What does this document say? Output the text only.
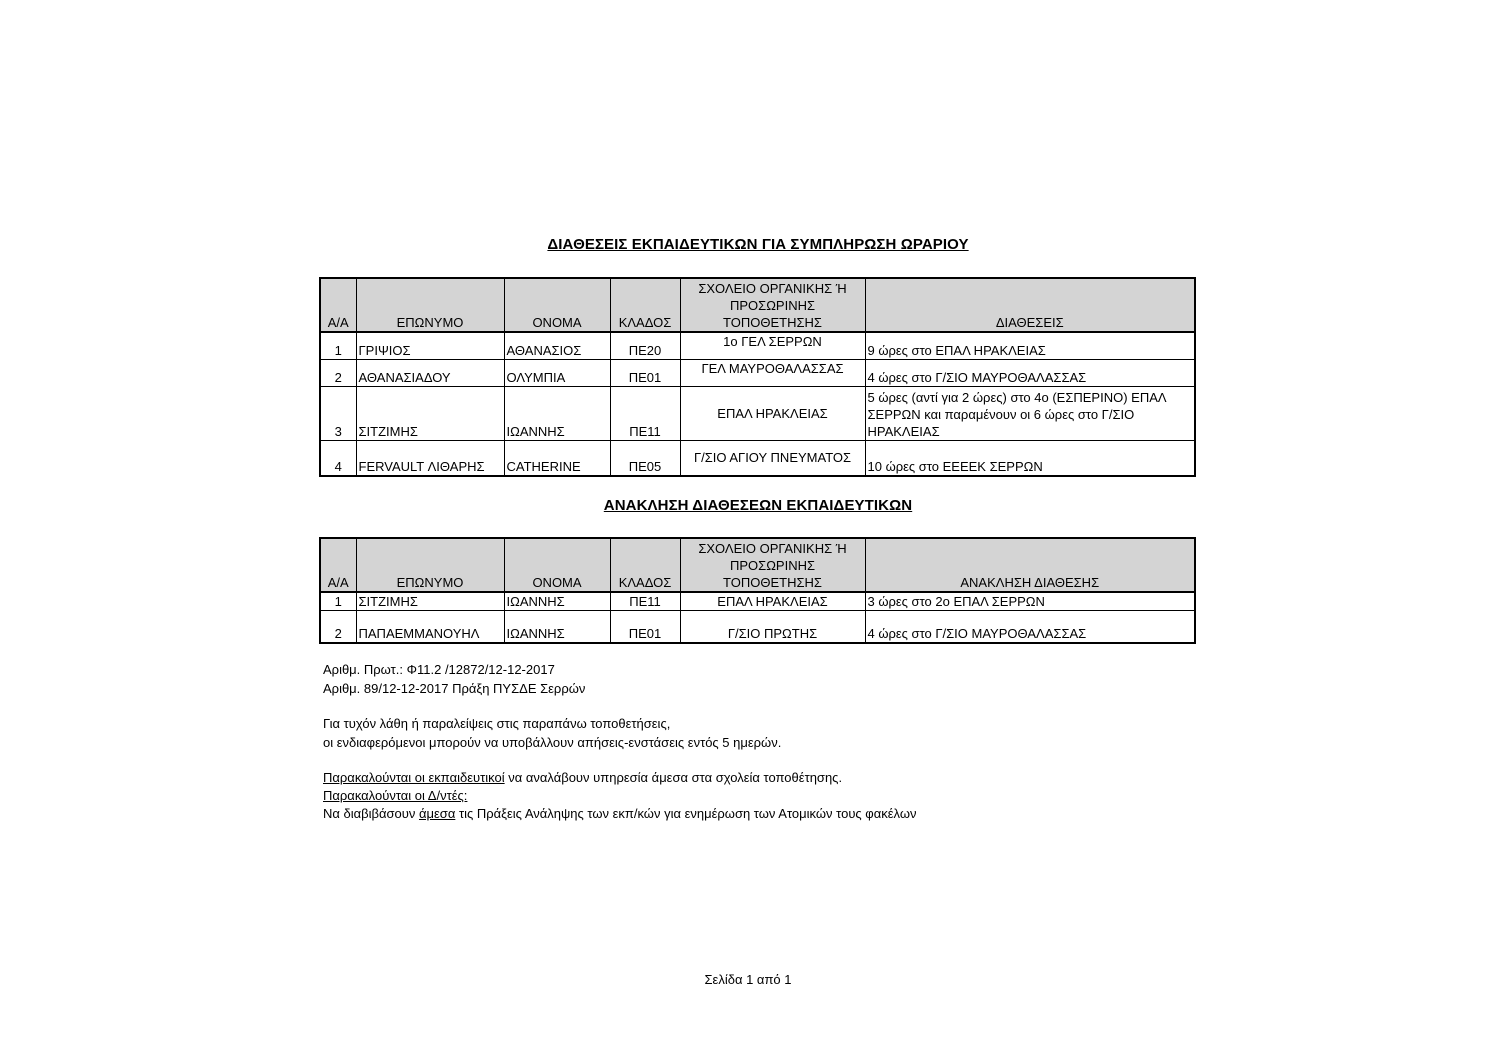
ΔΙΑΘΕΣΕΙΣ ΕΚΠΑΙΔΕΥΤΙΚΩΝ ΓΙΑ ΣΥΜΠΛΗΡΩΣΗ ΩΡΑΡΙΟΥ
Α/Α	ΕΠΩΝΥΜΟ	ΟΝΟΜΑ	ΚΛΑΔΟΣ	ΣΧΟΛΕΙΟ ΟΡΓΑΝΙΚΗΣ Ή ΠΡΟΣΩΡΙΝΗΣ ΤΟΠΟΘΕΤΗΣΗΣ	ΔΙΑΘΕΣΕΙΣ
1	ΓΡΙΨΙΟΣ	ΑΘΑΝΑΣΙΟΣ	ΠΕ20	1ο ΓΕΛ ΣΕΡΡΩΝ	9 ώρες στο ΕΠΑΛ ΗΡΑΚΛΕΙΑΣ
2	ΑΘΑΝΑΣΙΑΔΟΥ	ΟΛΥΜΠΙΑ	ΠΕ01	ΓΕΛ ΜΑΥΡΟΘΑΛΑΣΣΑΣ	4 ώρες στο Γ/ΣΙΟ ΜΑΥΡΟΘΑΛΑΣΣΑΣ
3	ΣΙΤΖΙΜΗΣ	ΙΩΑΝΝΗΣ	ΠΕ11	ΕΠΑΛ ΗΡΑΚΛΕΙΑΣ	5 ώρες (αντί για 2 ώρες) στο 4ο (ΕΣΠΕΡΙΝΟ) ΕΠΑΛ ΣΕΡΡΩΝ και παραμένουν οι 6 ώρες στο Γ/ΣΙΟ ΗΡΑΚΛΕΙΑΣ
4	FERVAULT ΛΙΘΑΡΗΣ	CATHERINE	ΠΕ05	Γ/ΣΙΟ ΑΓΙΟΥ ΠΝΕΥΜΑΤΟΣ	10 ώρες στο ΕΕΕΕΚ ΣΕΡΡΩΝ
ΑΝΑΚΛΗΣΗ ΔΙΑΘΕΣΕΩΝ ΕΚΠΑΙΔΕΥΤΙΚΩΝ
Α/Α	ΕΠΩΝΥΜΟ	ΟΝΟΜΑ	ΚΛΑΔΟΣ	ΣΧΟΛΕΙΟ ΟΡΓΑΝΙΚΗΣ Ή ΠΡΟΣΩΡΙΝΗΣ ΤΟΠΟΘΕΤΗΣΗΣ	ΑΝΑΚΛΗΣΗ ΔΙΑΘΕΣΗΣ
1	ΣΙΤΖΙΜΗΣ	ΙΩΑΝΝΗΣ	ΠΕ11	ΕΠΑΛ ΗΡΑΚΛΕΙΑΣ	3 ώρες στο 2ο ΕΠΑΛ ΣΕΡΡΩΝ
2	ΠΑΠΑΕΜΜΑΝΟΥΗΛ	ΙΩΑΝΝΗΣ	ΠΕ01	Γ/ΣΙΟ ΠΡΩΤΗΣ	4 ώρες στο Γ/ΣΙΟ ΜΑΥΡΟΘΑΛΑΣΣΑΣ
Αριθμ. Πρωτ.: Φ11.2 /12872/12-12-2017
Αριθμ. 89/12-12-2017 Πράξη ΠΥΣΔΕ Σερρών
Για τυχόν λάθη ή παραλείψεις στις παραπάνω τοποθετήσεις,
οι ενδιαφερόμενοι μπορούν να υποβάλλουν απήσεις-ενστάσεις εντός 5 ημερών.
Παρακαλούνται οι εκπαιδευτικοί να αναλάβουν υπηρεσία άμεσα στα σχολεία τοποθέτησης.
Παρακαλούνται οι Δ/ντές:
Να διαβιβάσουν άμεσα τις Πράξεις Ανάληψης των εκπ/κών για ενημέρωση των Ατομικών τους φακέλων
Σελίδα 1 από 1
